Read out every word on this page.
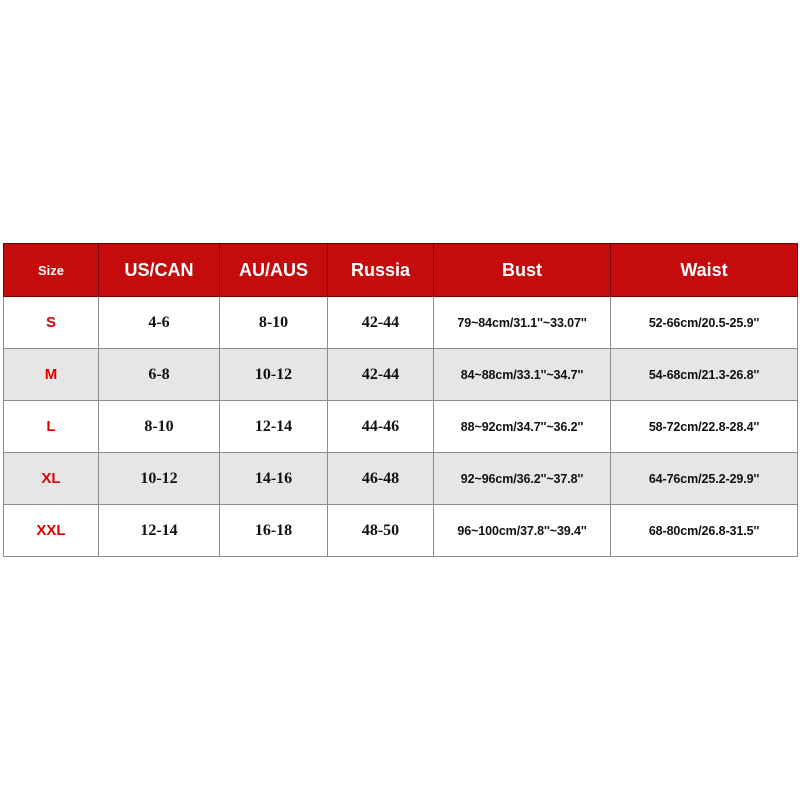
Size	US/CAN	AU/AUS	Russia	Bust	Waist
S	4-6	8-10	42-44	79~84cm/31.1''~33.07''	52-66cm/20.5-25.9''
M	6-8	10-12	42-44	84~88cm/33.1''~34.7''	54-68cm/21.3-26.8''
L	8-10	12-14	44-46	88~92cm/34.7''~36.2''	58-72cm/22.8-28.4''
XL	10-12	14-16	46-48	92~96cm/36.2''~37.8''	64-76cm/25.2-29.9''
XXL	12-14	16-18	48-50	96~100cm/37.8''~39.4''	68-80cm/26.8-31.5''
